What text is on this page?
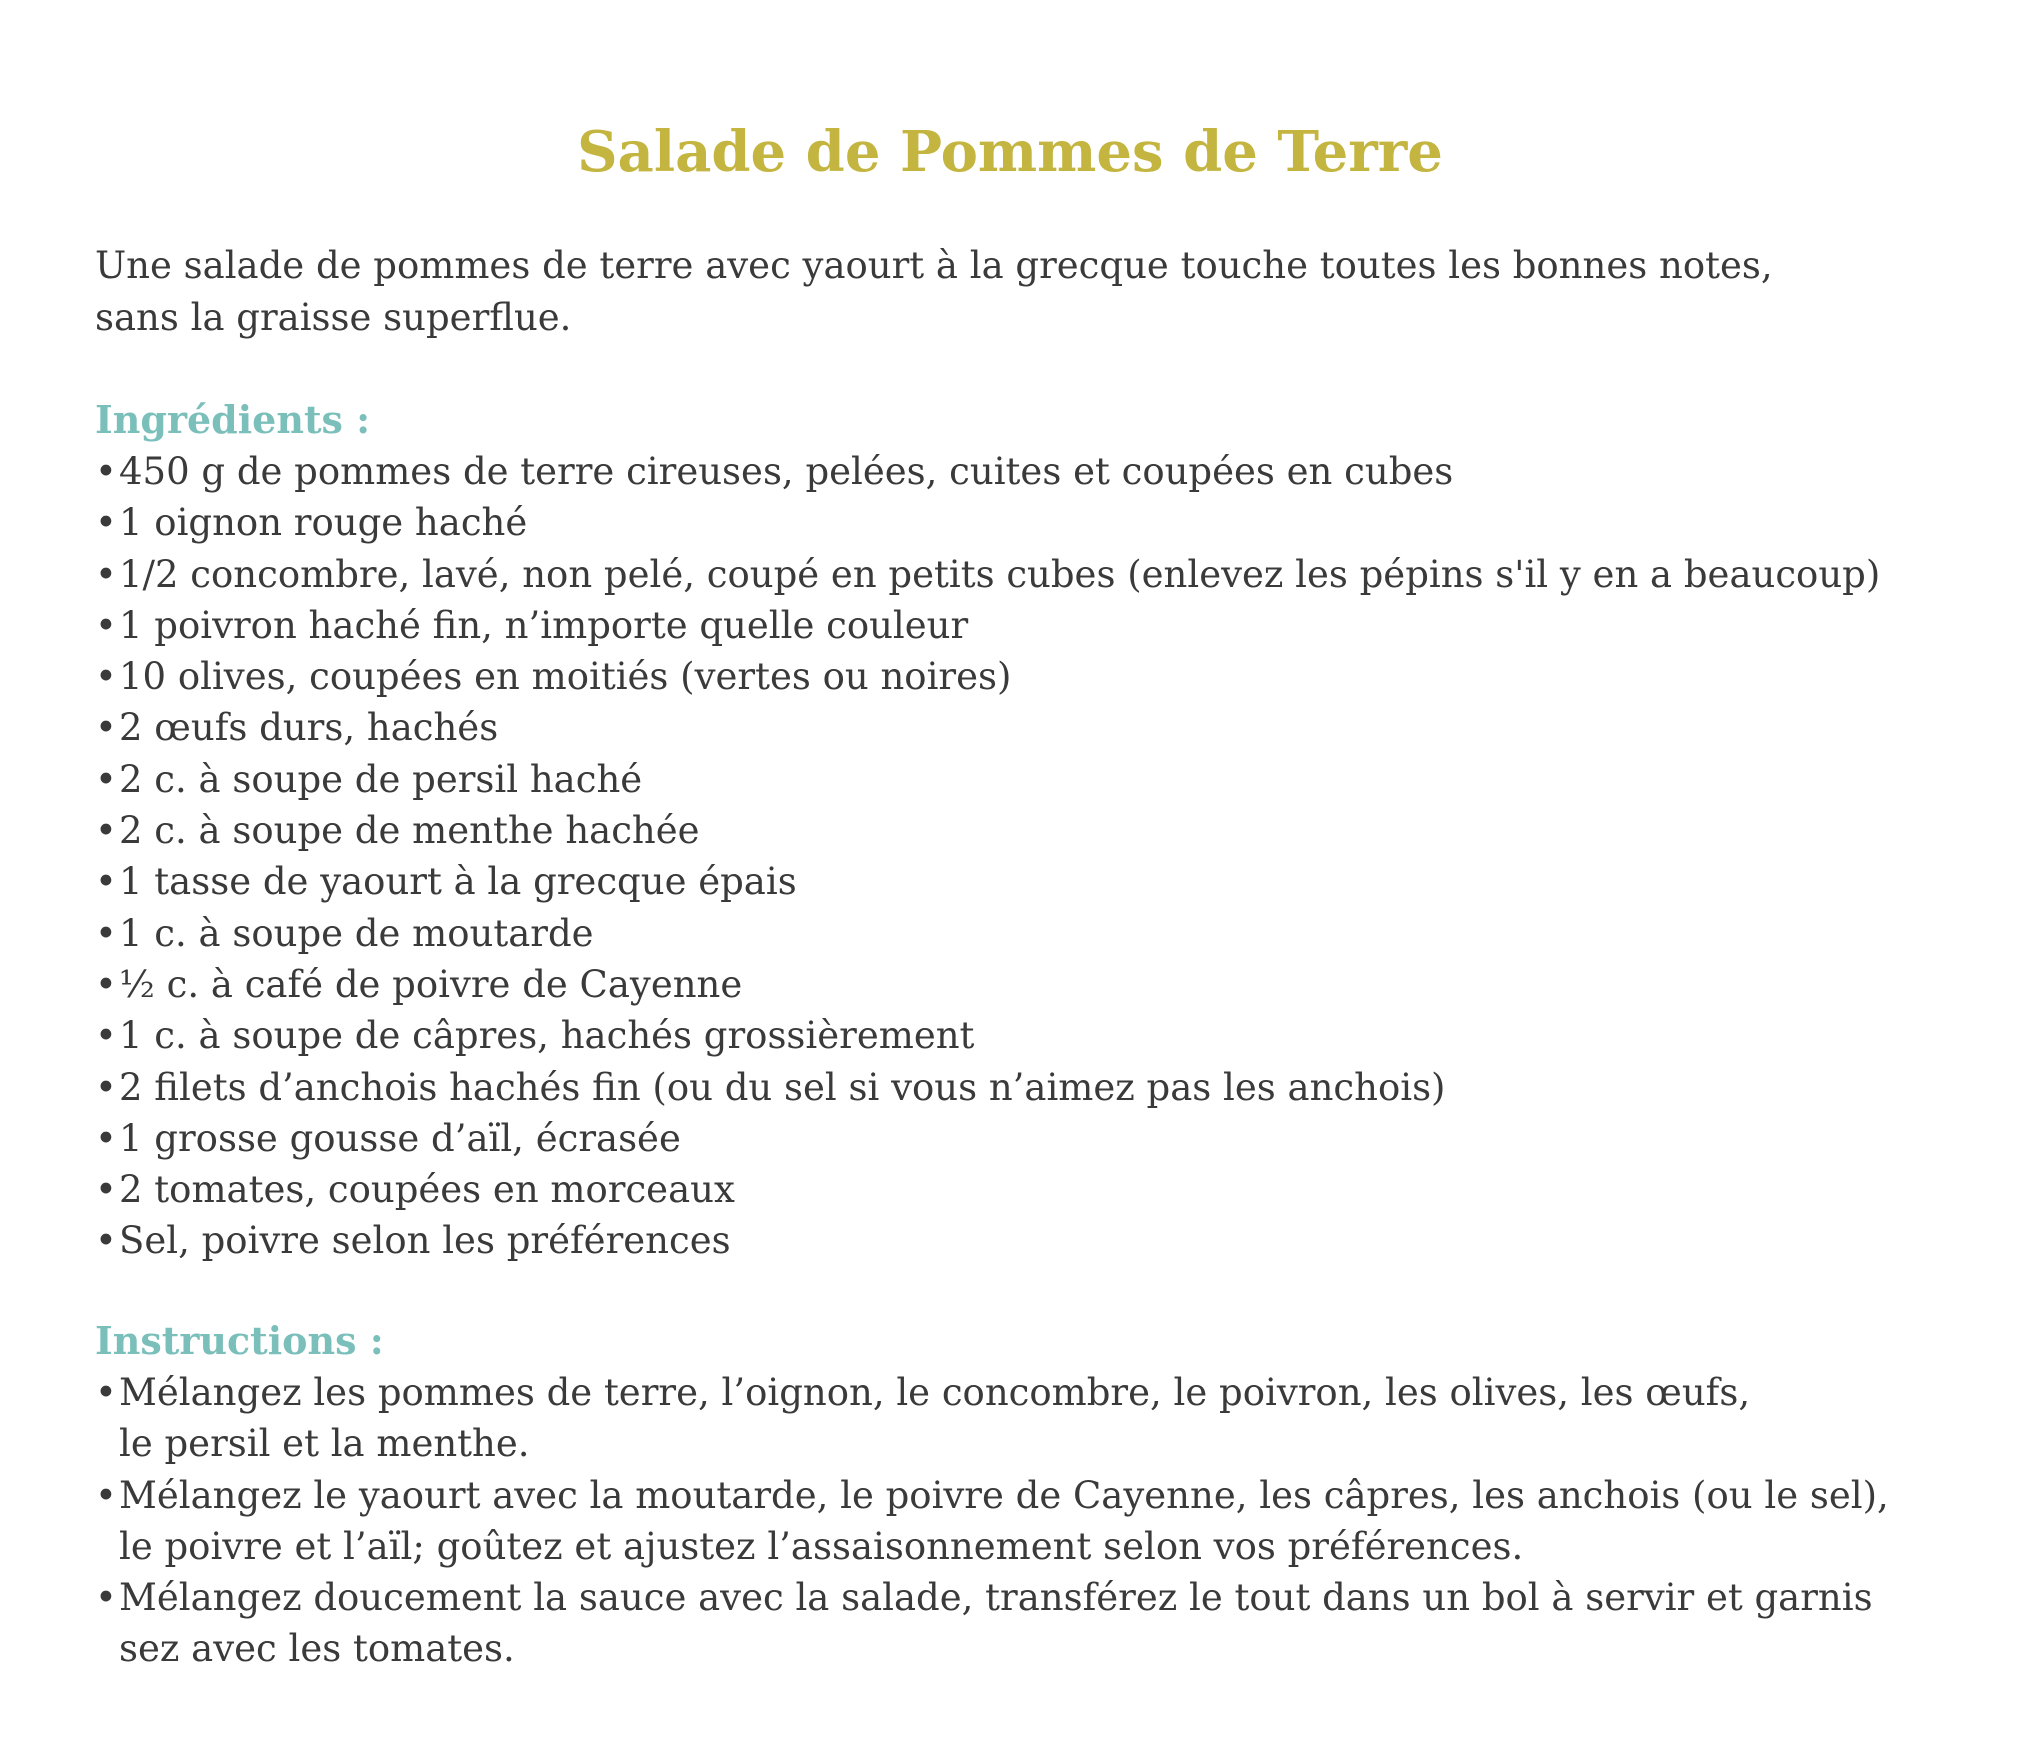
Salade de Pommes de Terre

Une salade de pommes de terre avec yaourt à la grecque touche toutes les bonnes notes,
sans la graisse superflue.

Ingrédients :
• 450 g de pommes de terre cireuses, pelées, cuites et coupées en cubes
• 1 oignon rouge haché
• 1/2 concombre, lavé, non pelé, coupé en petits cubes (enlevez les pépins s'il y en a beaucoup)
• 1 poivron haché fin, n’importe quelle couleur
• 10 olives, coupées en moitiés (vertes ou noires)
• 2 œufs durs, hachés
• 2 c. à soupe de persil haché
• 2 c. à soupe de menthe hachée
• 1 tasse de yaourt à la grecque épais
• 1 c. à soupe de moutarde
• ½ c. à café de poivre de Cayenne
• 1 c. à soupe de câpres, hachés grossièrement
• 2 filets d’anchois hachés fin (ou du sel si vous n’aimez pas les anchois)
• 1 grosse gousse d’aïl, écrasée
• 2 tomates, coupées en morceaux
• Sel, poivre selon les préférences
Instructions :
• Mélangez les pommes de terre, l’oignon, le concombre, le poivron, les olives, les œufs,
le persil et la menthe.
• Mélangez le yaourt avec la moutarde, le poivre de Cayenne, les câpres, les anchois (ou le sel),
le poivre et l’aïl; goûtez et ajustez l’assaisonnement selon vos préférences.
• Mélangez doucement la sauce avec la salade, transférez le tout dans un bol à servir et garnis
sez avec les tomates.
